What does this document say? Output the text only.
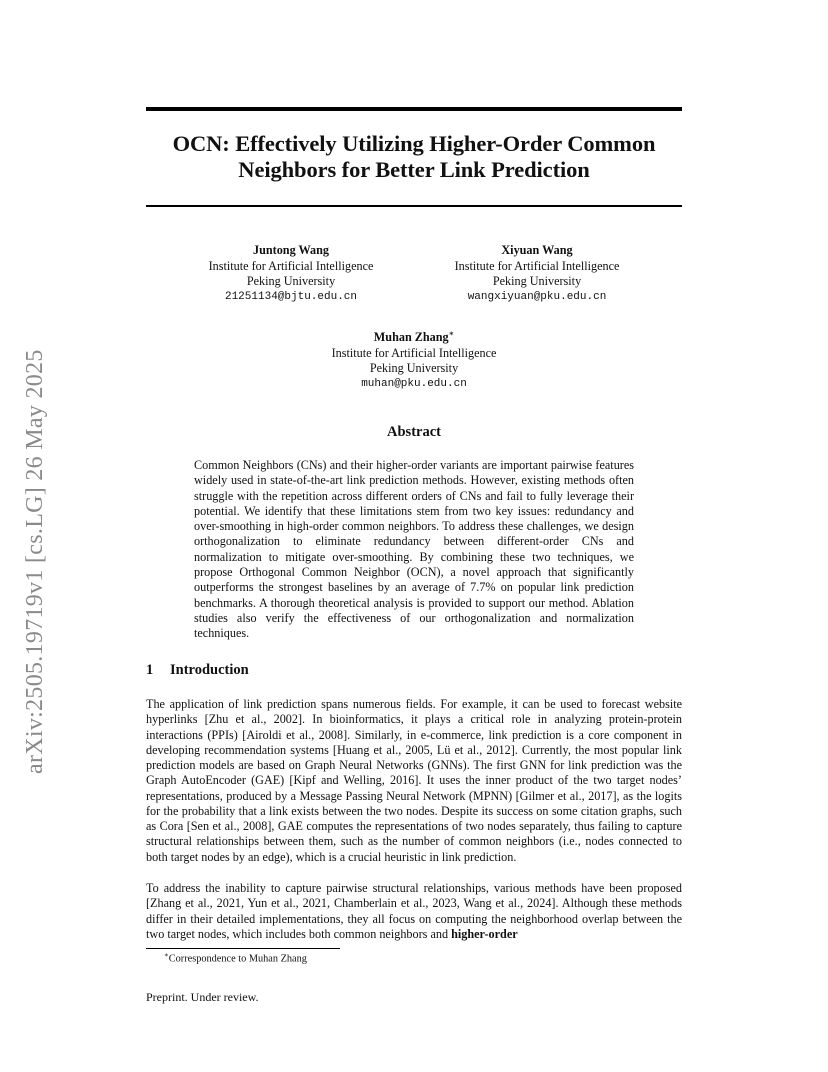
arXiv:2505.19719v1 [cs.LG] 26 May 2025
OCN: Effectively Utilizing Higher-Order Common
Neighbors for Better Link Prediction
Juntong Wang
Institute for Artificial Intelligence
Peking University
21251134@bjtu.edu.cn
Xiyuan Wang
Institute for Artificial Intelligence
Peking University
wangxiyuan@pku.edu.cn
Muhan Zhang∗
Institute for Artificial Intelligence
Peking University
muhan@pku.edu.cn
Abstract
Common Neighbors (CNs) and their higher-order variants are important pairwise features widely used in state-of-the-art link prediction methods. However, existing methods often struggle with the repetition across different orders of CNs and fail to fully leverage their potential. We identify that these limitations stem from two key issues: redundancy and over-smoothing in high-order common neighbors. To address these challenges, we design orthogonalization to eliminate redundancy between different-order CNs and normalization to mitigate over-smoothing. By combining these two techniques, we propose Orthogonal Common Neighbor (OCN), a novel approach that significantly outperforms the strongest baselines by an average of 7.7% on popular link prediction benchmarks. A thorough theoretical analysis is provided to support our method. Ablation studies also verify the effectiveness of our orthogonalization and normalization techniques.
1 Introduction

The application of link prediction spans numerous fields. For example, it can be used to forecast website hyperlinks [Zhu et al., 2002]. In bioinformatics, it plays a critical role in analyzing protein-protein interactions (PPIs) [Airoldi et al., 2008]. Similarly, in e-commerce, link prediction is a core component in developing recommendation systems [Huang et al., 2005, Lü et al., 2012]. Currently, the most popular link prediction models are based on Graph Neural Networks (GNNs). The first GNN for link prediction was the Graph AutoEncoder (GAE) [Kipf and Welling, 2016]. It uses the inner product of the two target nodes’ representations, produced by a Message Passing Neural Network (MPNN) [Gilmer et al., 2017], as the logits for the probability that a link exists between the two nodes. Despite its success on some citation graphs, such as Cora [Sen et al., 2008], GAE computes the representations of two nodes separately, thus failing to capture structural relationships between them, such as the number of common neighbors (i.e., nodes connected to both target nodes by an edge), which is a crucial heuristic in link prediction.

To address the inability to capture pairwise structural relationships, various methods have been proposed [Zhang et al., 2021, Yun et al., 2021, Chamberlain et al., 2023, Wang et al., 2024]. Although these methods differ in their detailed implementations, they all focus on computing the neighborhood overlap between the two target nodes, which includes both common neighbors and higher-order

∗Correspondence to Muhan Zhang
Preprint. Under review.
